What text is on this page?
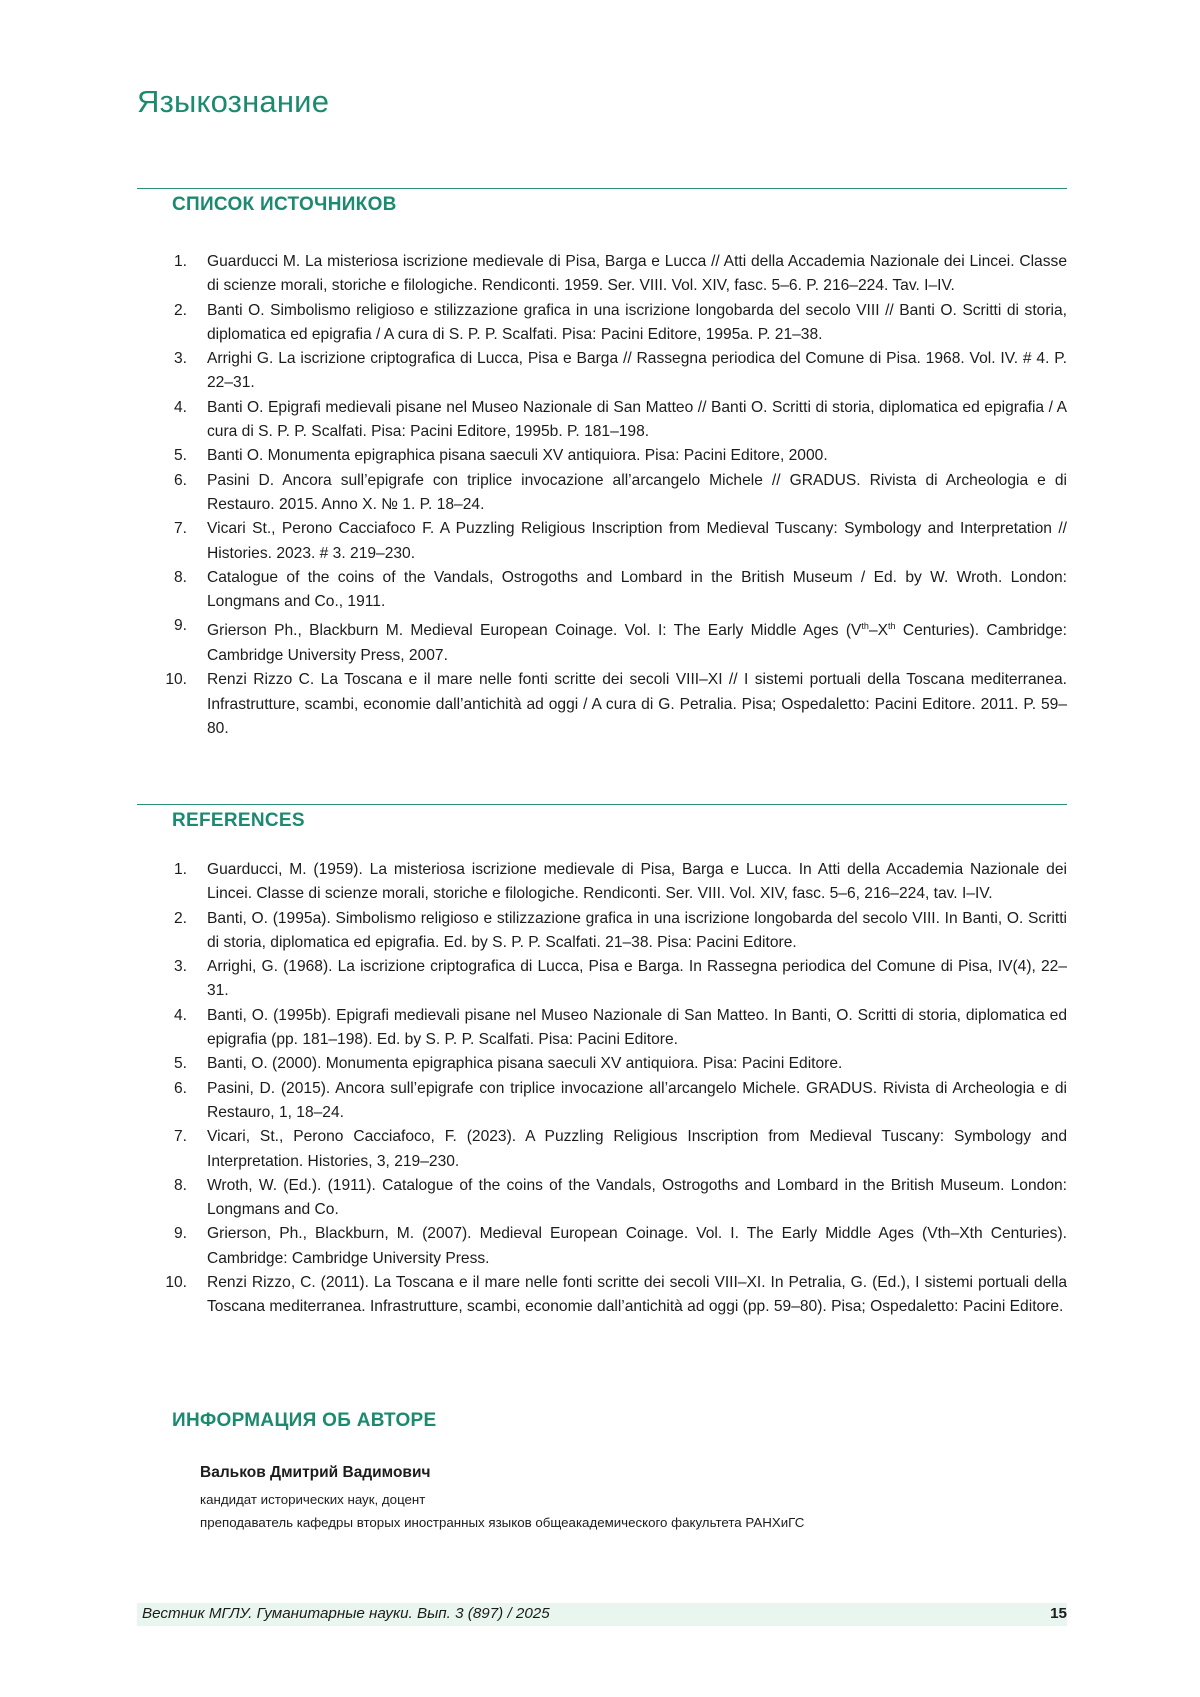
Языкознание
СПИСОК ИСТОЧНИКОВ
1. Guarducci M. La misteriosa iscrizione medievale di Pisa, Barga e Lucca // Atti della Accademia Nazionale dei Lincei. Classe di scienze morali, storiche e filologiche. Rendiconti. 1959. Ser. VIII. Vol. XIV, fasc. 5–6. P. 216–224. Tav. I–IV.
2. Banti O. Simbolismo religioso e stilizzazione grafica in una iscrizione longobarda del secolo VIII // Banti O. Scritti di storia, diplomatica ed epigrafia / A cura di S. P. P. Scalfati. Pisa: Pacini Editore, 1995a. P. 21–38.
3. Arrighi G. La iscrizione criptografica di Lucca, Pisa e Barga // Rassegna periodica del Comune di Pisa. 1968. Vol. IV. # 4. P. 22–31.
4. Banti O. Epigrafi medievali pisane nel Museo Nazionale di San Matteo // Banti O. Scritti di storia, diplomatica ed epigrafia / A cura di S. P. P. Scalfati. Pisa: Pacini Editore, 1995b. P. 181–198.
5. Banti O. Monumenta epigraphica pisana saeculi XV antiquiora. Pisa: Pacini Editore, 2000.
6. Pasini D. Ancora sull’epigrafe con triplice invocazione all’arcangelo Michele // GRADUS. Rivista di Archeologia e di Restauro. 2015. Anno X. № 1. P. 18–24.
7. Vicari St., Perono Cacciafoco F. A Puzzling Religious Inscription from Medieval Tuscany: Symbology and Interpretation // Histories. 2023. # 3. 219–230.
8. Catalogue of the coins of the Vandals, Ostrogoths and Lombard in the British Museum / Ed. by W. Wroth. London: Longmans and Co., 1911.
9. Grierson Ph., Blackburn M. Medieval European Coinage. Vol. I: The Early Middle Ages (Vth–Xth Centuries). Cambridge: Cambridge University Press, 2007.
10. Renzi Rizzo C. La Toscana e il mare nelle fonti scritte dei secoli VIII–XI // I sistemi portuali della Toscana mediterranea. Infrastrutture, scambi, economie dall’antichità ad oggi / A cura di G. Petralia. Pisa; Ospedaletto: Pacini Editore. 2011. P. 59–80.
REFERENCES
1. Guarducci, M. (1959). La misteriosa iscrizione medievale di Pisa, Barga e Lucca. In Atti della Accademia Nazionale dei Lincei. Classe di scienze morali, storiche e filologiche. Rendiconti. Ser. VIII. Vol. XIV, fasc. 5–6, 216–224, tav. I–IV.
2. Banti, O. (1995a). Simbolismo religioso e stilizzazione grafica in una iscrizione longobarda del secolo VIII. In Banti, O. Scritti di storia, diplomatica ed epigrafia. Ed. by S. P. P. Scalfati. 21–38. Pisa: Pacini Editore.
3. Arrighi, G. (1968). La iscrizione criptografica di Lucca, Pisa e Barga. In Rassegna periodica del Comune di Pisa, IV(4), 22–31.
4. Banti, O. (1995b). Epigrafi medievali pisane nel Museo Nazionale di San Matteo. In Banti, O. Scritti di storia, diplomatica ed epigrafia (pp. 181–198). Ed. by S. P. P. Scalfati. Pisa: Pacini Editore.
5. Banti, O. (2000). Monumenta epigraphica pisana saeculi XV antiquiora. Pisa: Pacini Editore.
6. Pasini, D. (2015). Ancora sull’epigrafe con triplice invocazione all’arcangelo Michele. GRADUS. Rivista di Archeologia e di Restauro, 1, 18–24.
7. Vicari, St., Perono Cacciafoco, F. (2023). A Puzzling Religious Inscription from Medieval Tuscany: Symbology and Interpretation. Histories, 3, 219–230.
8. Wroth, W. (Ed.). (1911). Catalogue of the coins of the Vandals, Ostrogoths and Lombard in the British Museum. London: Longmans and Co.
9. Grierson, Ph., Blackburn, M. (2007). Medieval European Coinage. Vol. I. The Early Middle Ages (Vth–Xth Centuries). Cambridge: Cambridge University Press.
10. Renzi Rizzo, C. (2011). La Toscana e il mare nelle fonti scritte dei secoli VIII–XI. In Petralia, G. (Ed.), I sistemi portuali della Toscana mediterranea. Infrastrutture, scambi, economie dall’antichità ad oggi (pp. 59–80). Pisa; Ospedaletto: Pacini Editore.
ИНФОРМАЦИЯ ОБ АВТОРЕ

Вальков Дмитрий Вадимович

кандидат исторических наук, доцент

преподаватель кафедры вторых иностранных языков общеакадемического факультета РАНХиГС

Вестник МГЛУ. Гуманитарные науки. Вып. 3 (897) / 2025	15
